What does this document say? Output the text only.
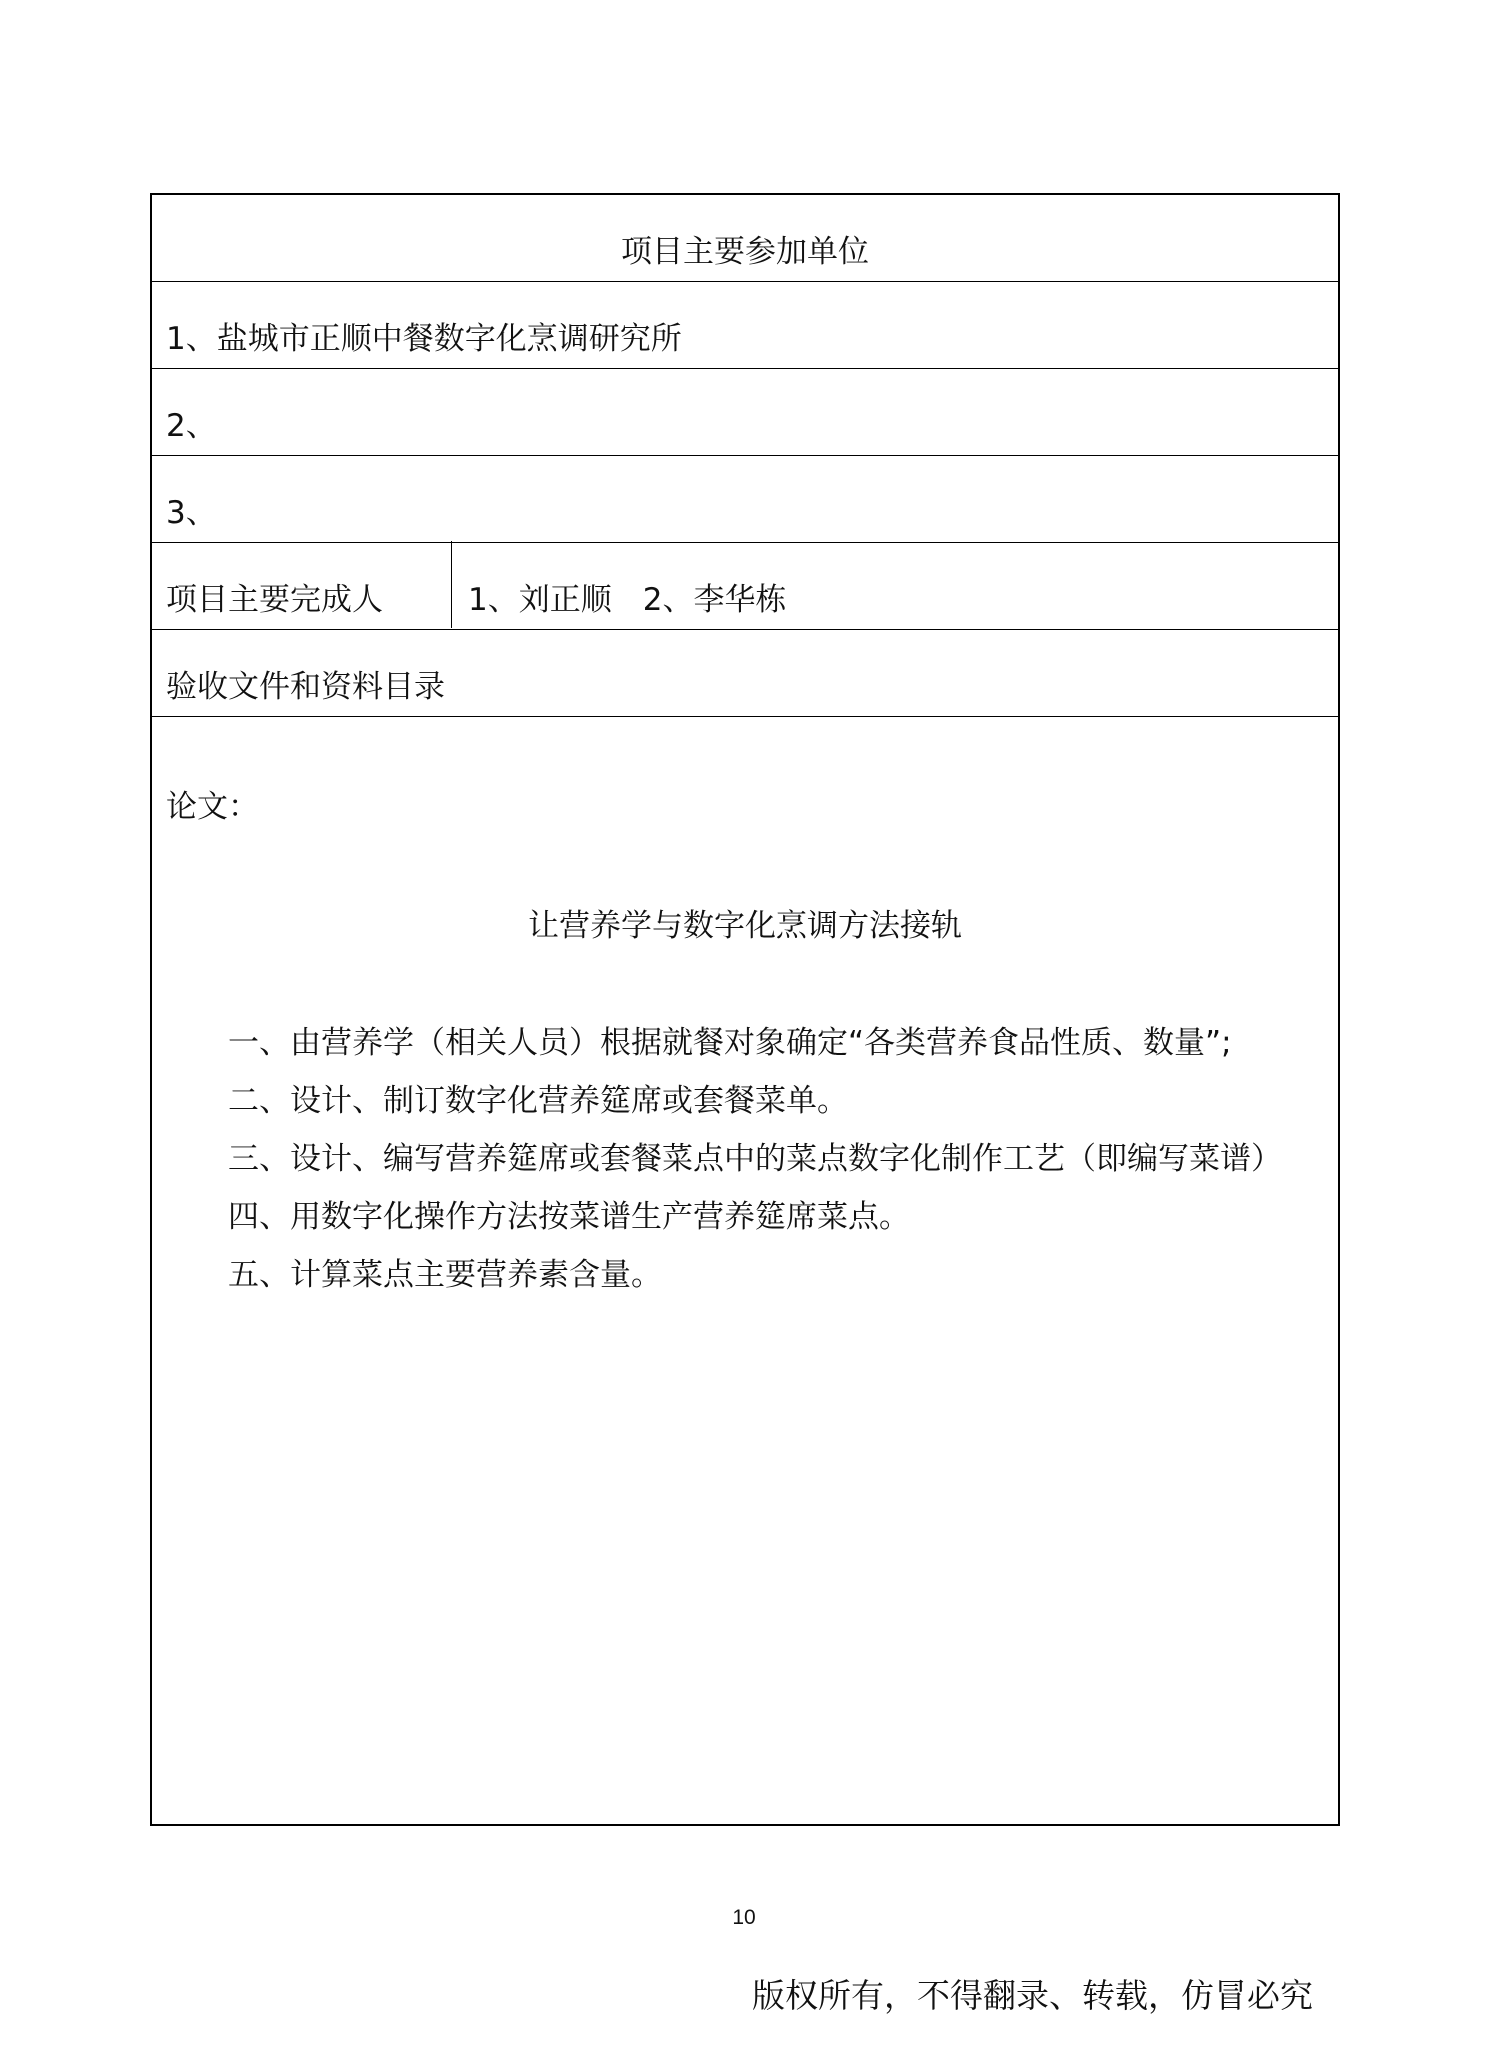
项目主要参加单位
1、盐城市正顺中餐数字化烹调研究所
2、
3、
项目主要完成人	1、刘正顺　2、李华栋
验收文件和资料目录
论文：
让营养学与数字化烹调方法接轨
一、由营养学（相关人员）根据就餐对象确定“各类营养食品性质、数量”;
二、设计、制订数字化营养筵席或套餐菜单。
三、设计、编写营养筵席或套餐菜点中的菜点数字化制作工艺（即编写菜谱）
四、用数字化操作方法按菜谱生产营养筵席菜点。
五、计算菜点主要营养素含量。
10
版权所有，不得翻录、转载，仿冒必究
